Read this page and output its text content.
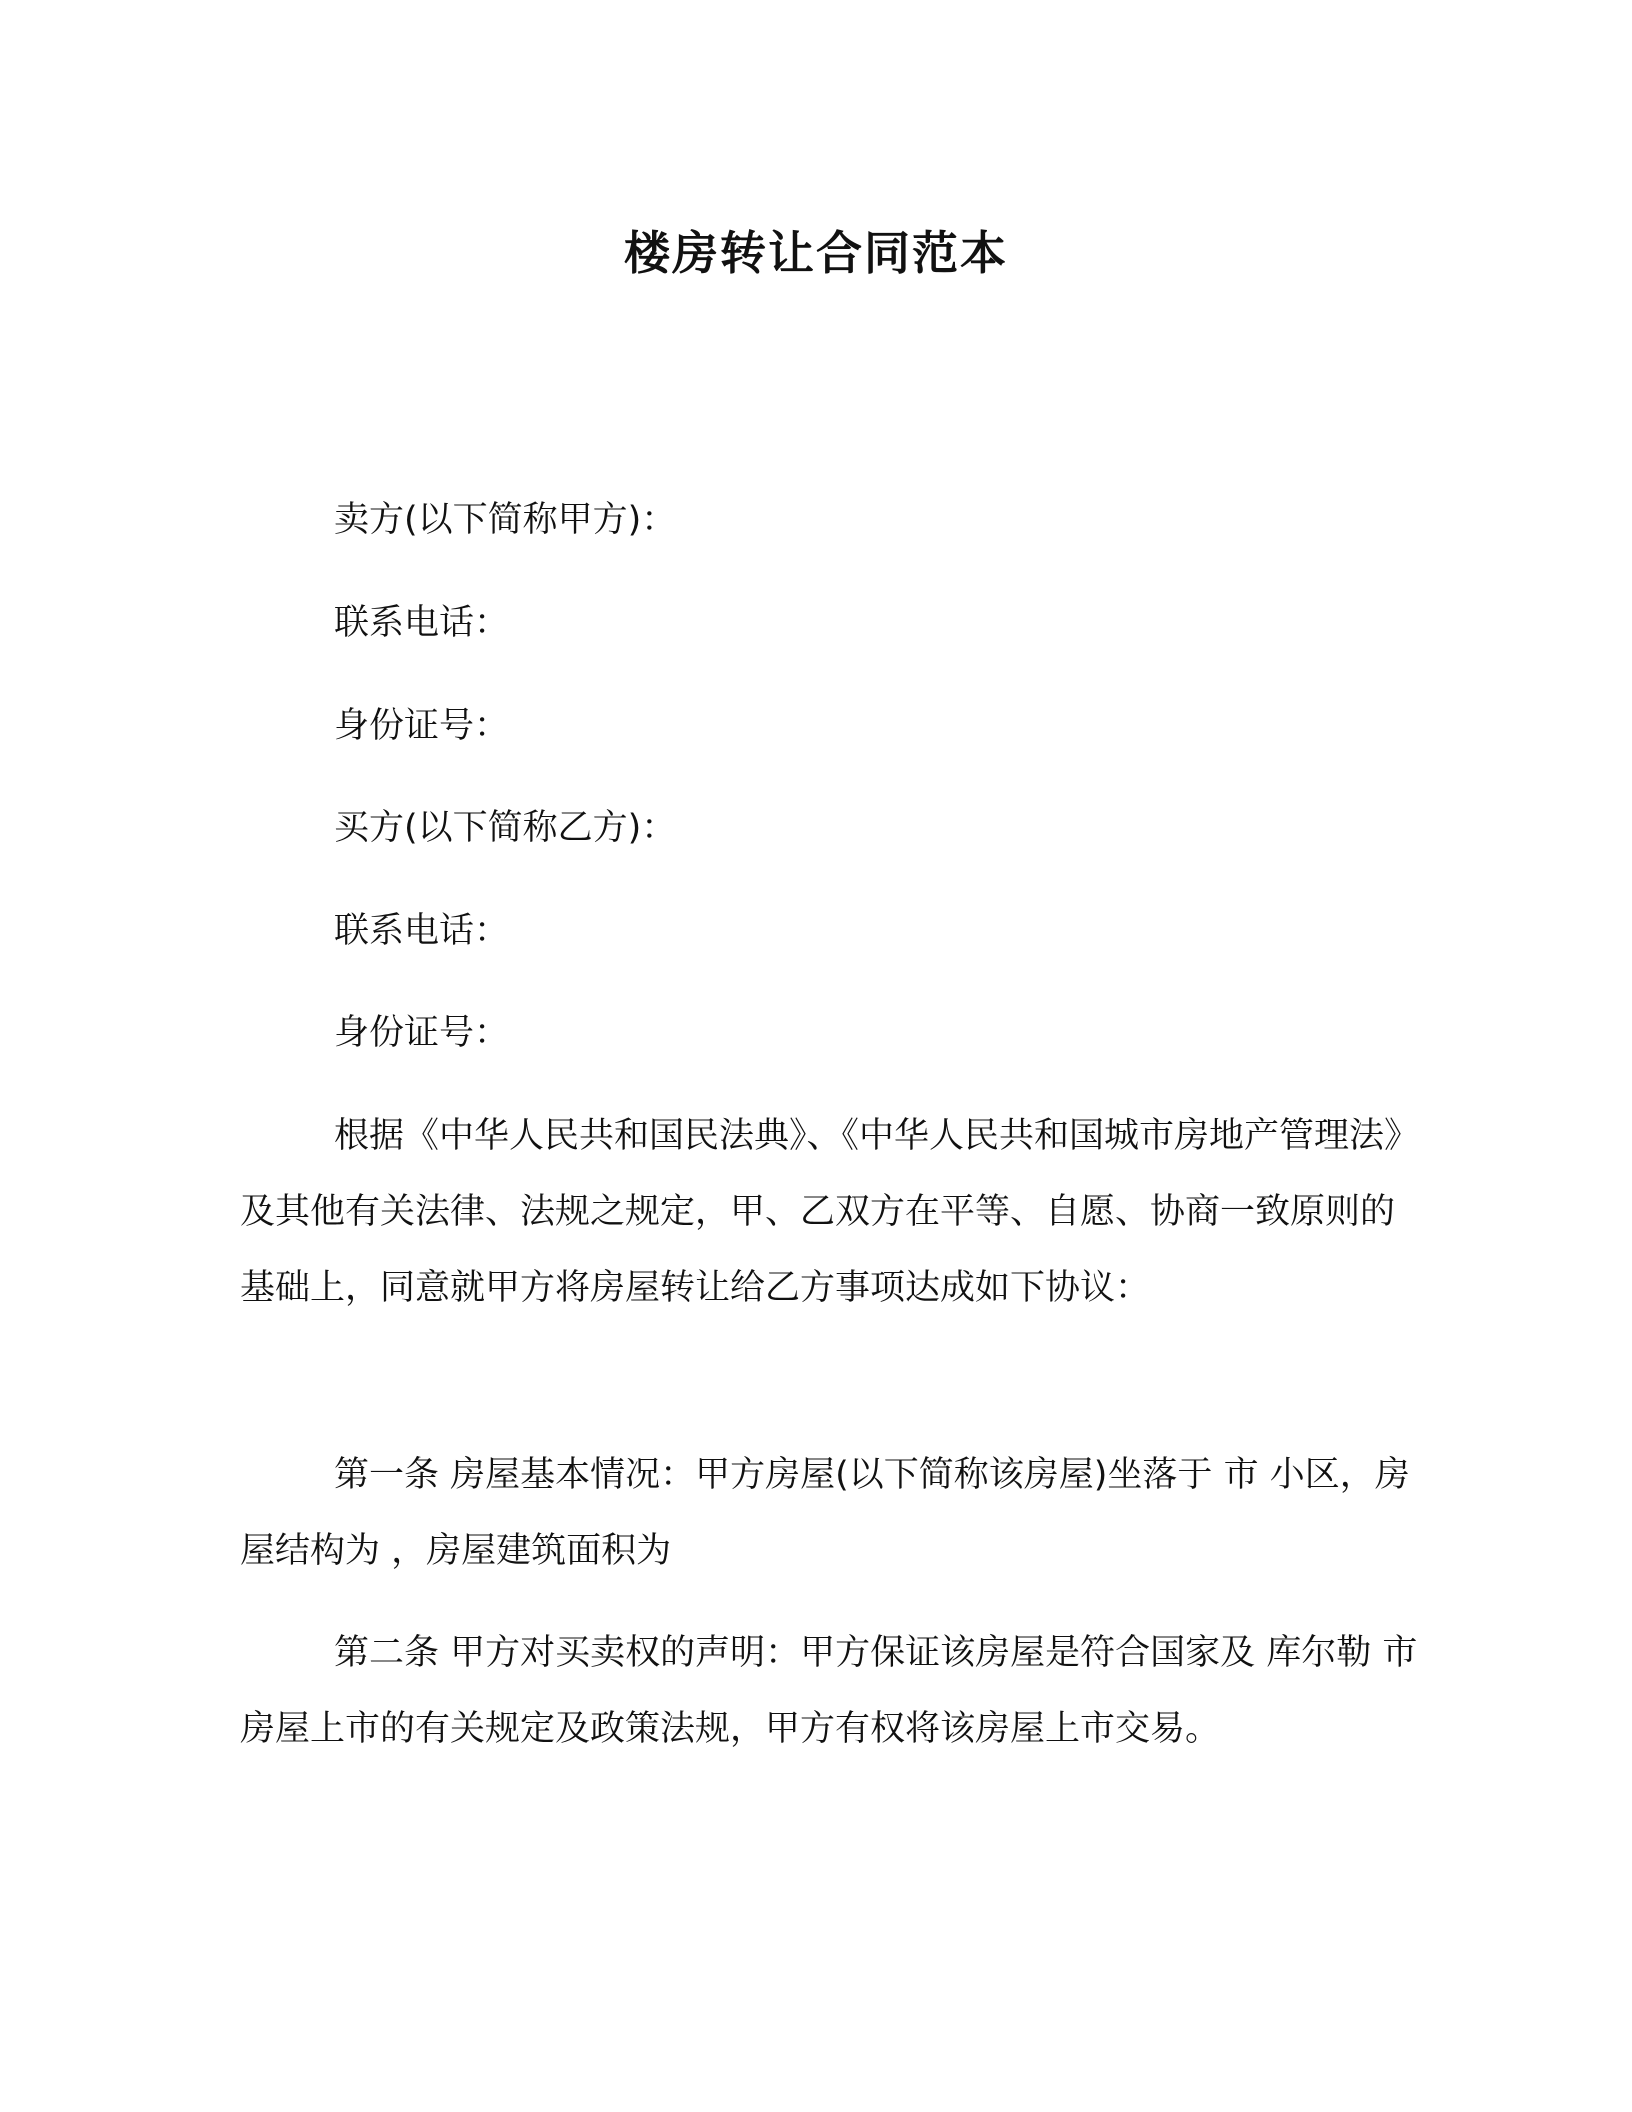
楼房转让合同范本
卖方(以下简称甲方)：
联系电话：
身份证号：
买方(以下简称乙方)：
联系电话：
身份证号：
根据《中华人民共和国民法典》、《中华人民共和国城市房地产管理法》及其他有关法律、法规之规定，甲、乙双方在平等、自愿、协商一致原则的基础上，同意就甲方将房屋转让给乙方事项达成如下协议：
第一条 房屋基本情况：甲方房屋(以下简称该房屋)坐落于 市 小区，房屋结构为 ，房屋建筑面积为
第二条 甲方对买卖权的声明：甲方保证该房屋是符合国家及 库尔勒 市房屋上市的有关规定及政策法规，甲方有权将该房屋上市交易。
